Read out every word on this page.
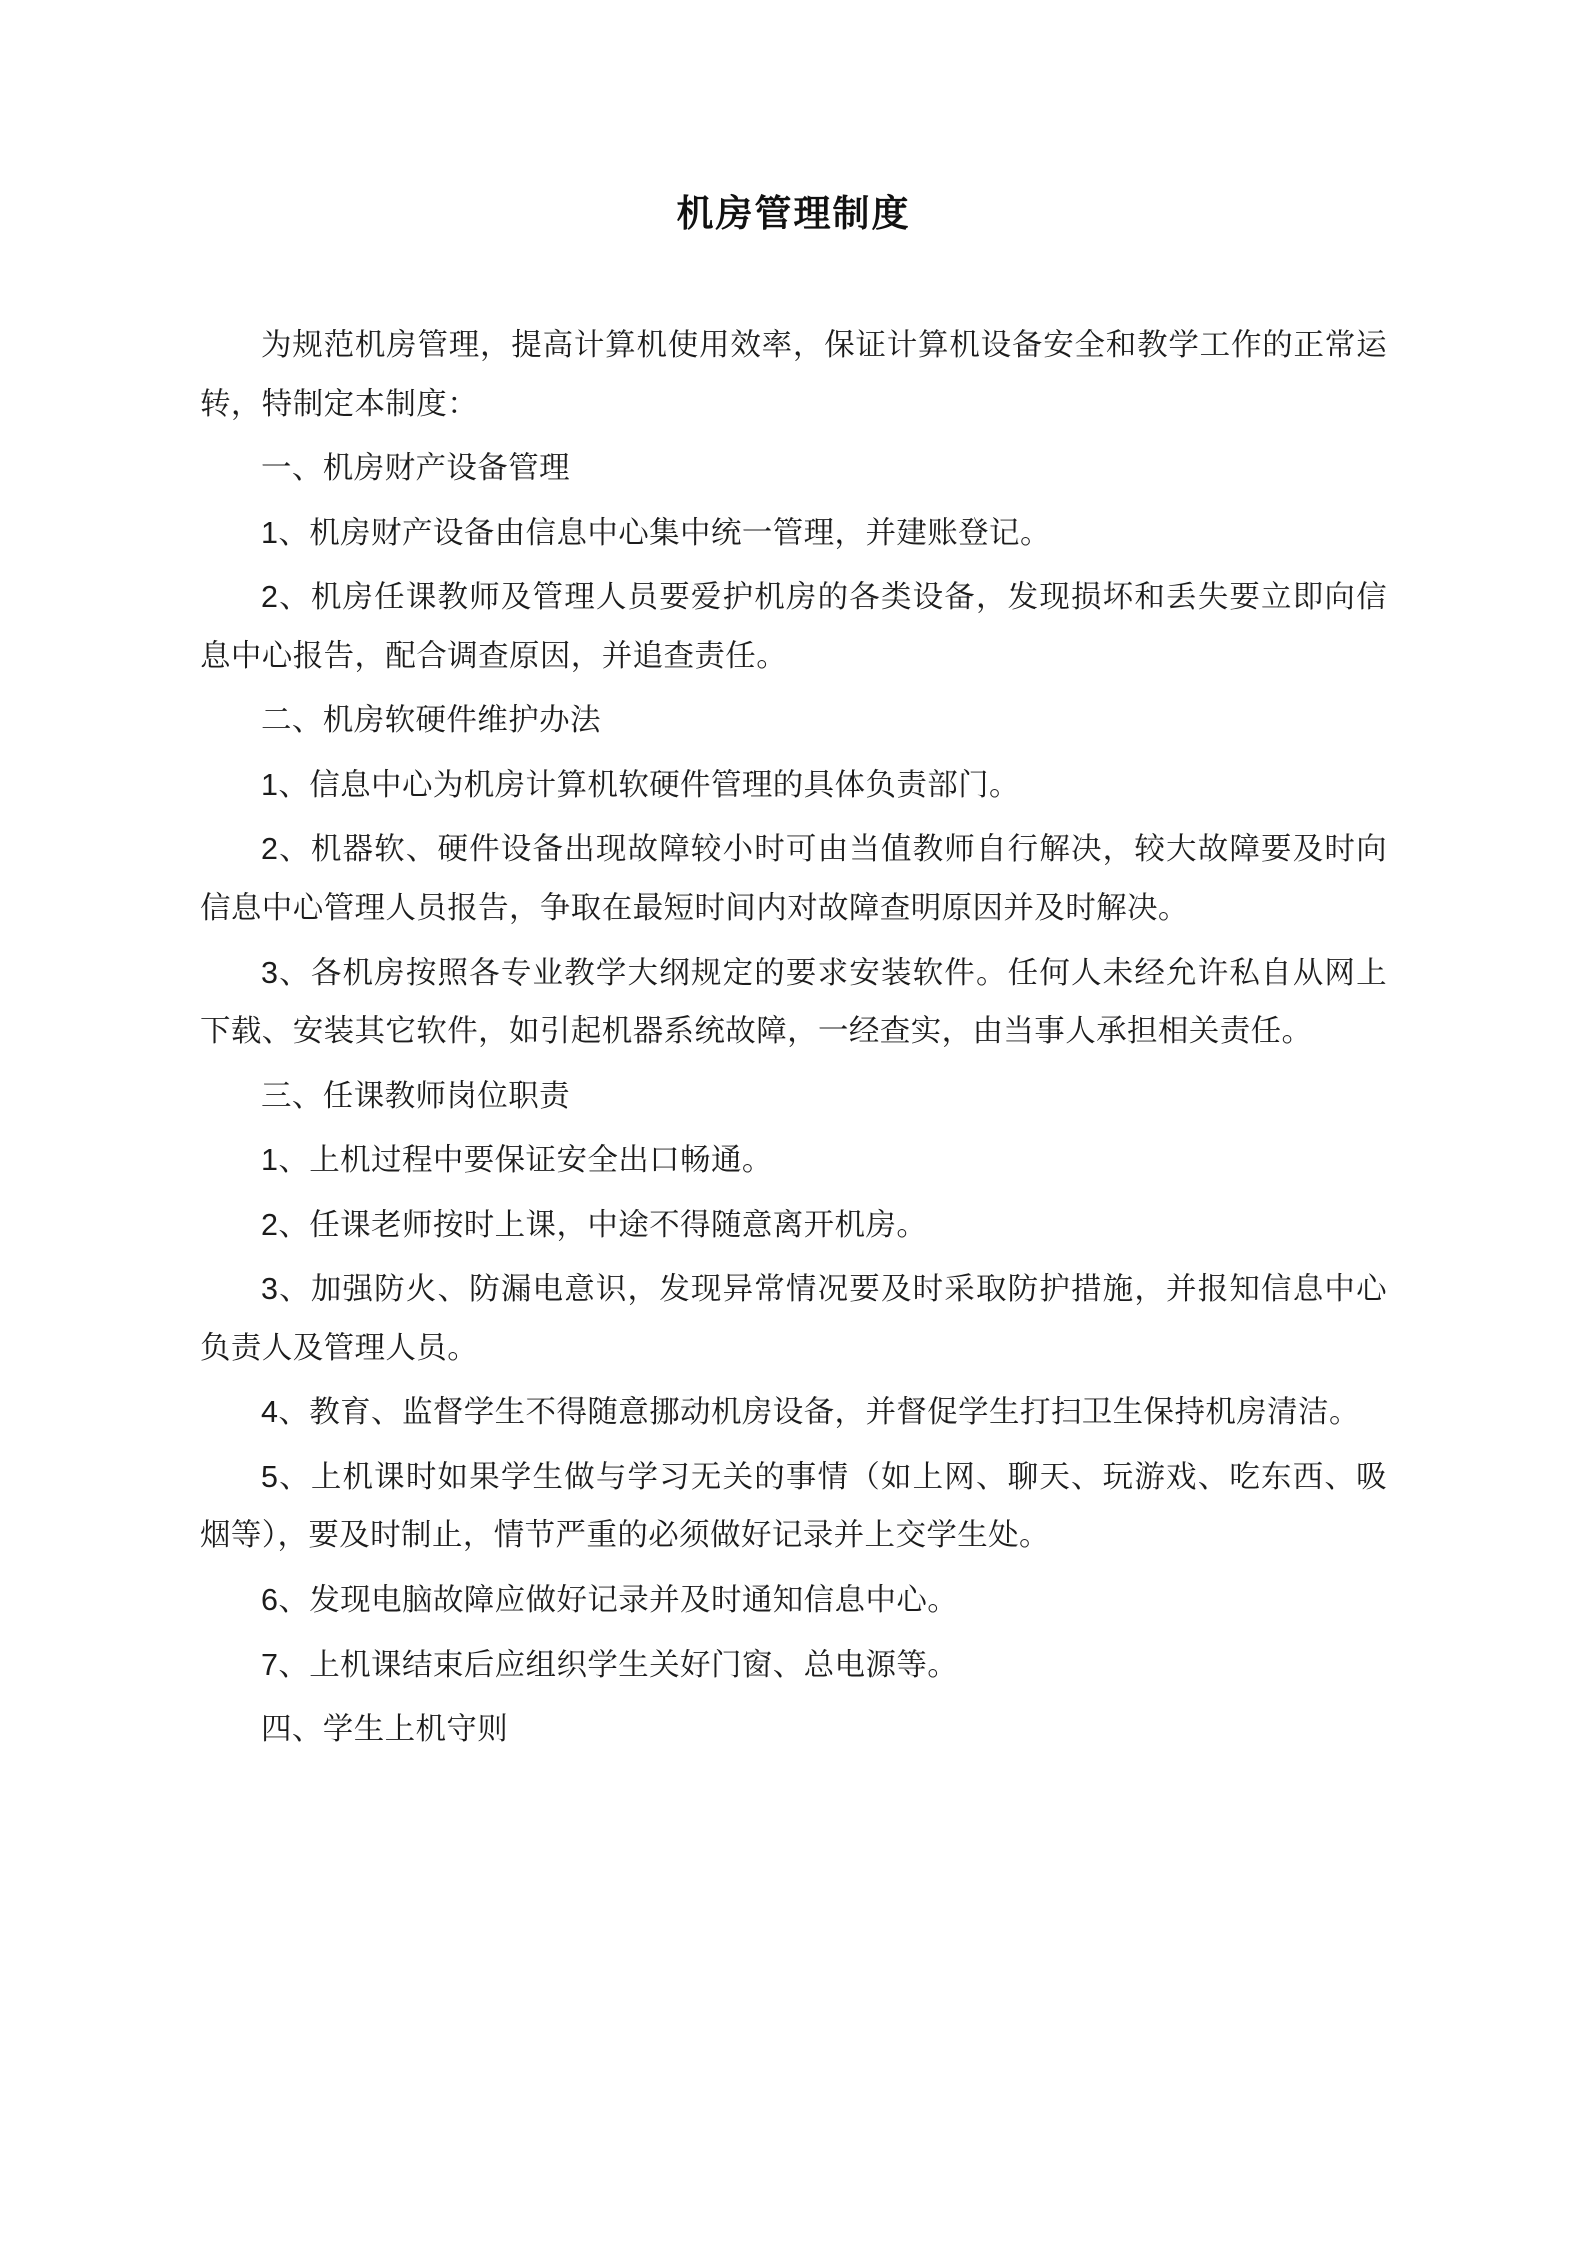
机房管理制度

为规范机房管理，提高计算机使用效率，保证计算机设备安全和教学工作的正常运转，特制定本制度：

一、机房财产设备管理

1、机房财产设备由信息中心集中统一管理，并建账登记。

2、机房任课教师及管理人员要爱护机房的各类设备，发现损坏和丢失要立即向信息中心报告，配合调查原因，并追查责任。

二、机房软硬件维护办法

1、信息中心为机房计算机软硬件管理的具体负责部门。

2、机器软、硬件设备出现故障较小时可由当值教师自行解决，较大故障要及时向信息中心管理人员报告，争取在最短时间内对故障查明原因并及时解决。

3、各机房按照各专业教学大纲规定的要求安装软件。任何人未经允许私自从网上下载、安装其它软件，如引起机器系统故障，一经查实，由当事人承担相关责任。

三、任课教师岗位职责

1、上机过程中要保证安全出口畅通。

2、任课老师按时上课，中途不得随意离开机房。

3、加强防火、防漏电意识，发现异常情况要及时采取防护措施，并报知信息中心负责人及管理人员。

4、教育、监督学生不得随意挪动机房设备，并督促学生打扫卫生保持机房清洁。

5、上机课时如果学生做与学习无关的事情（如上网、聊天、玩游戏、吃东西、吸烟等），要及时制止，情节严重的必须做好记录并上交学生处。

6、发现电脑故障应做好记录并及时通知信息中心。

7、上机课结束后应组织学生关好门窗、总电源等。

四、学生上机守则
